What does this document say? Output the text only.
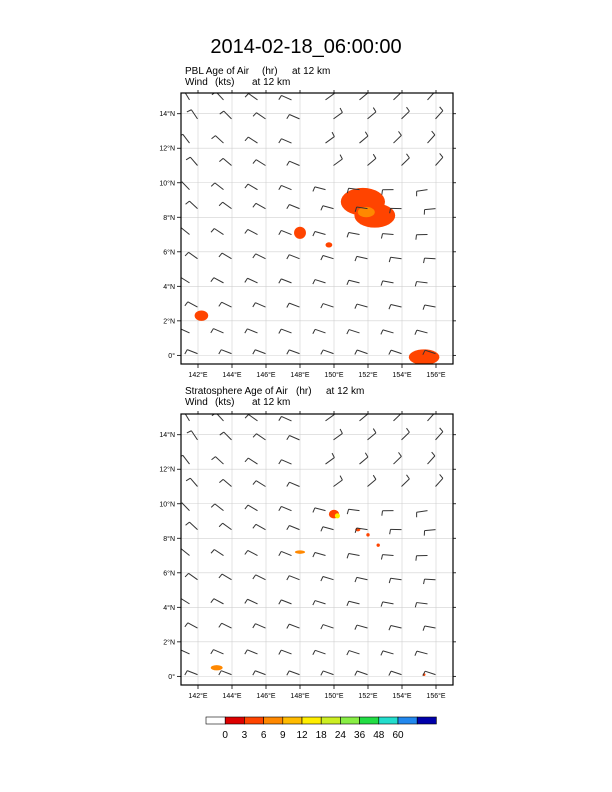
2014-02-18_06:00:00
PBL Age of Air (hr) at 12 km
Wind (kts) at 12 km
142°E 144°E 146°E 148°E 150°E 152°E 154°E 156°E
0°
2°N
4°N
6°N
8°N
10°N
12°N
14°N
Stratosphere Age of Air (hr) at 12 km
Wind (kts) at 12 km
142°E 144°E 146°E 148°E 150°E 152°E 154°E 156°E
0°
2°N
4°N
6°N
8°N
10°N
12°N
14°N
0 3 6 9 12 18 24 36 48 60
